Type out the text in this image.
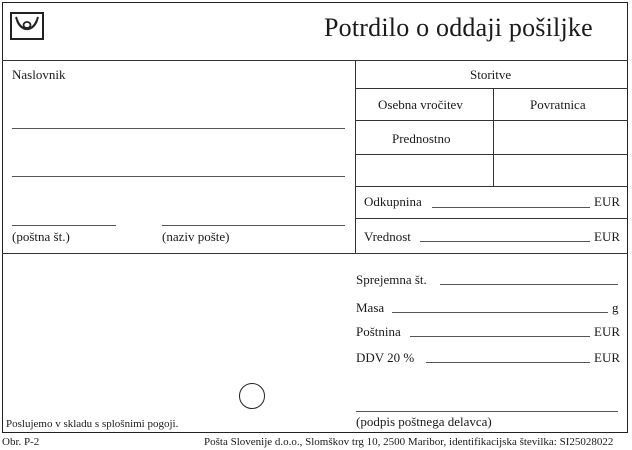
Potrdilo o oddaji pošiljke
Naslovnik
(poštna št.)	(naziv pošte)
Storitve
Osebna vročitev	Povratnica
Prednostno
Odkupnina	EUR
Vrednost	EUR
Sprejemna št.
Masa	g
Poštnina	EUR
DDV 20 %	EUR
(podpis poštnega delavca)
Poslujemo v skladu s splošnimi pogoji.
Obr. P-2	Pošta Slovenije d.o.o., Slomškov trg 10, 2500 Maribor, identifikacijska številka: SI25028022
